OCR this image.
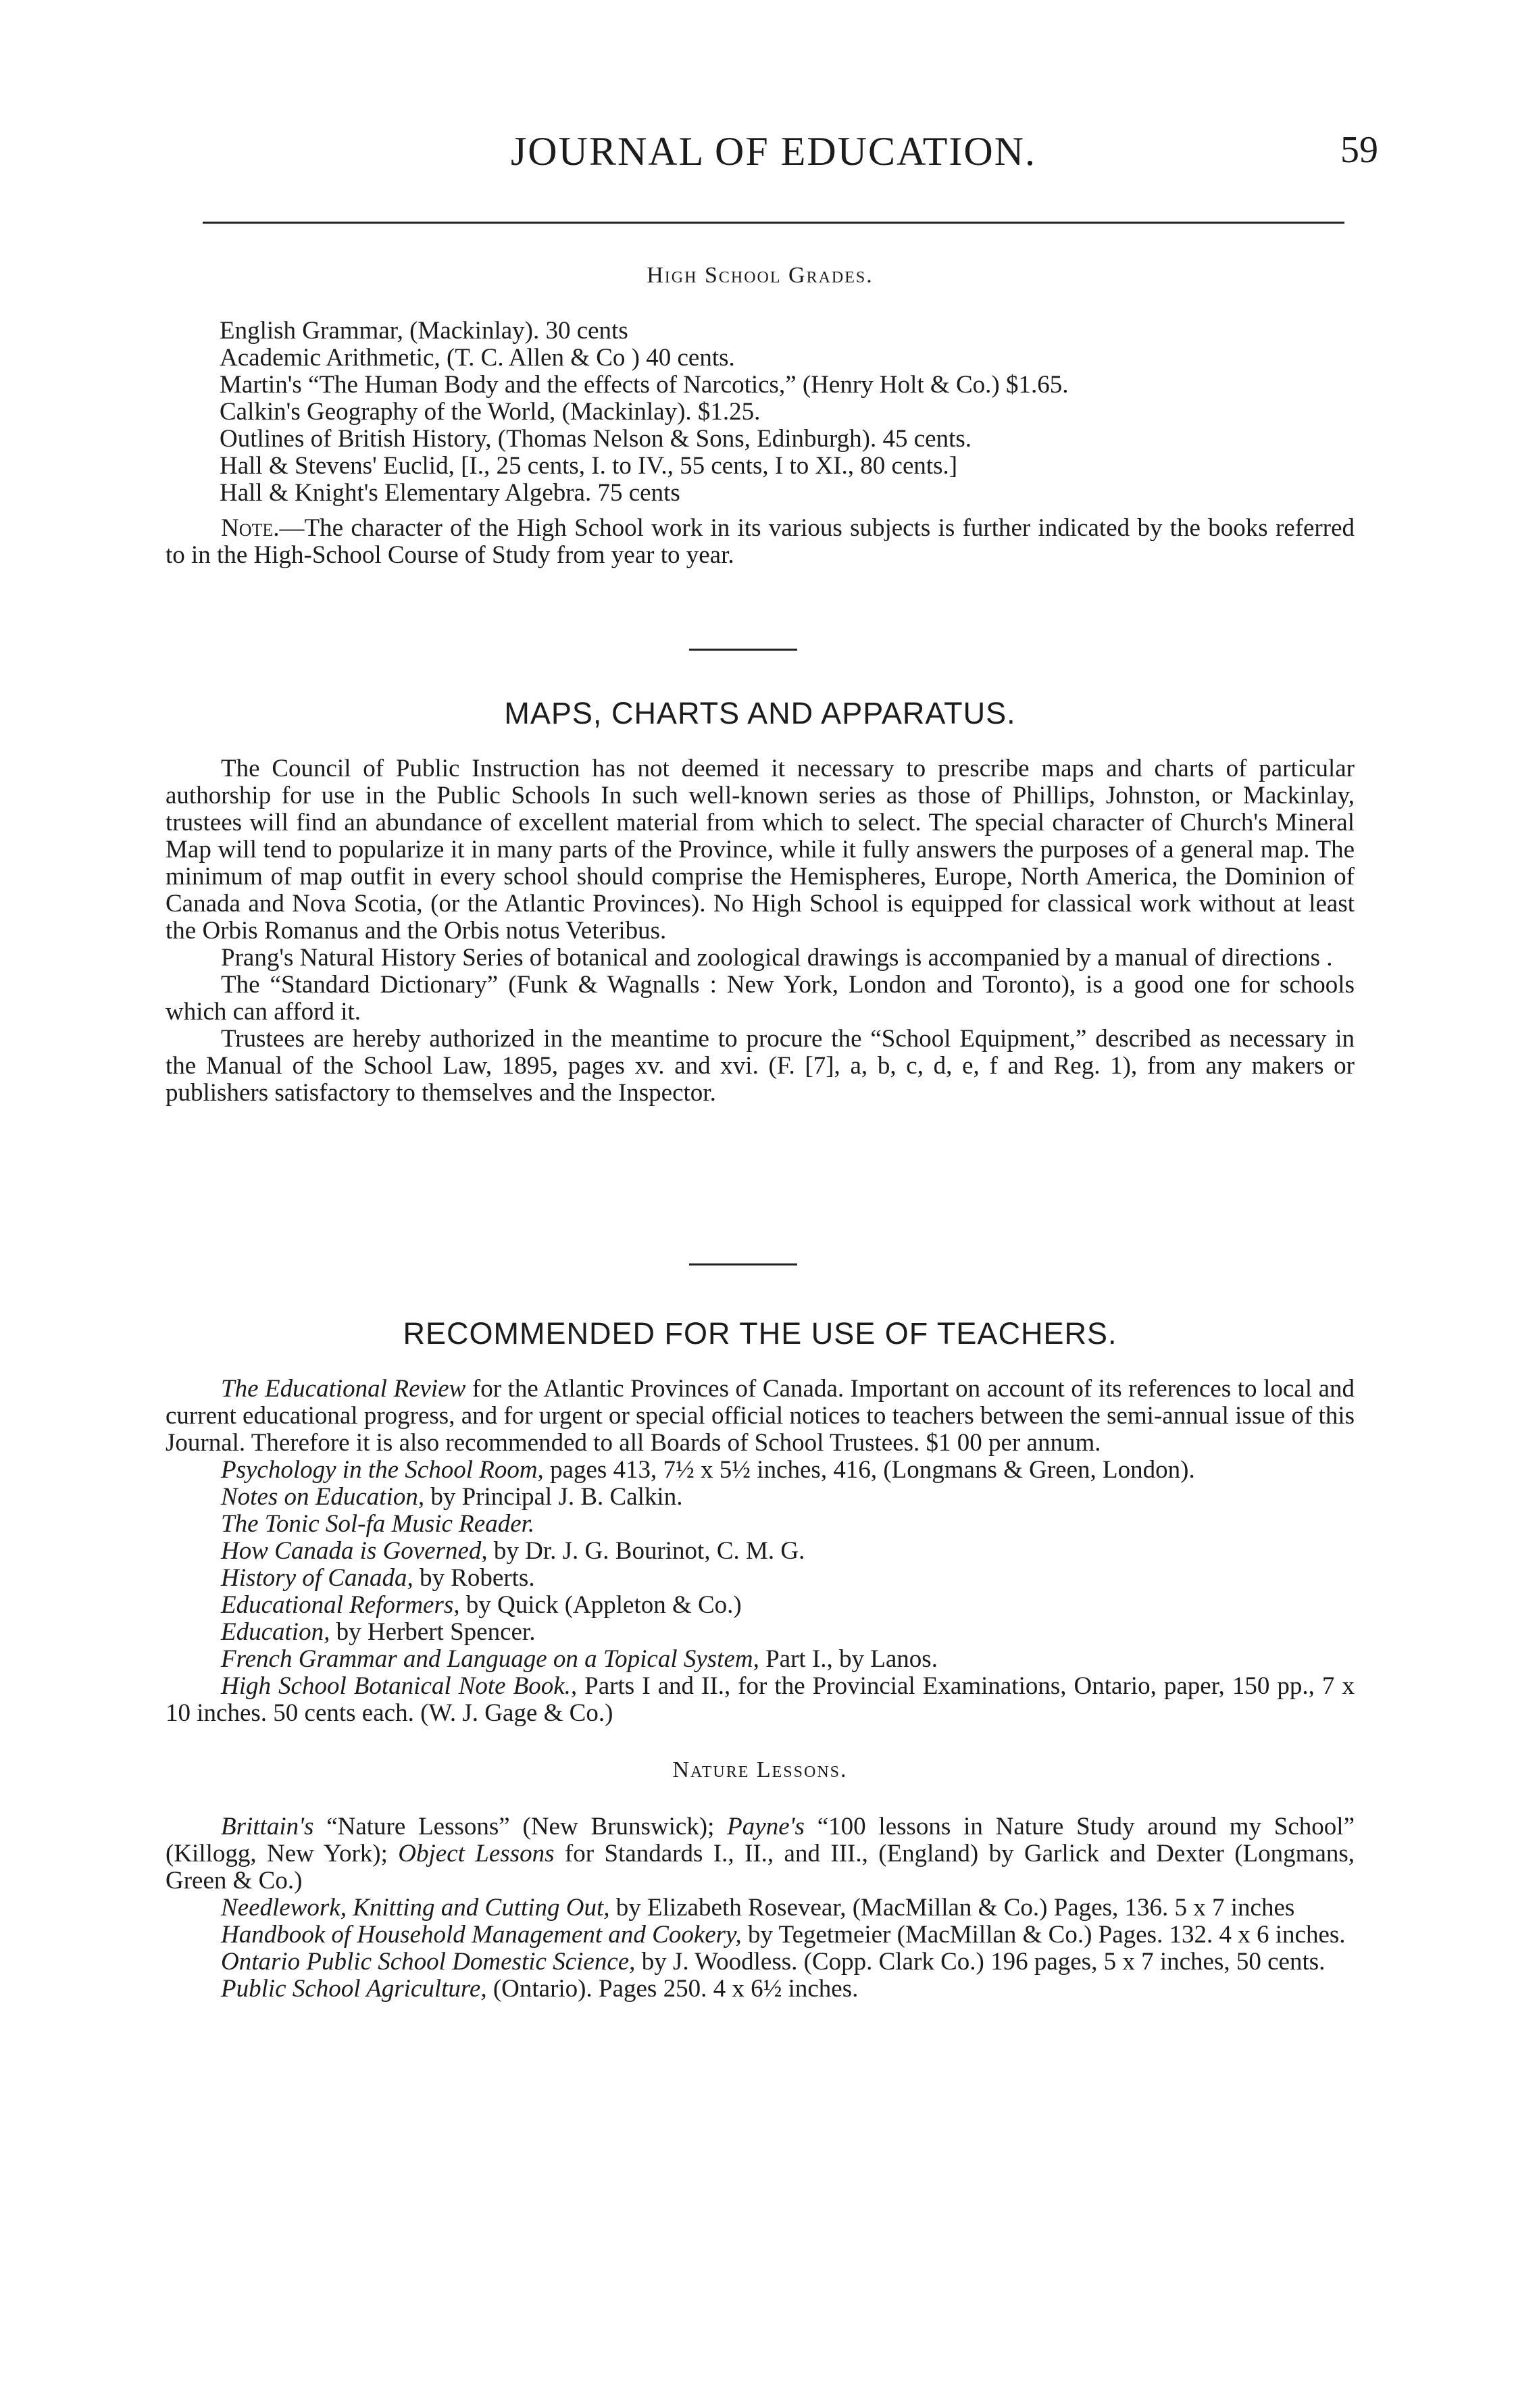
JOURNAL OF EDUCATION.	59

High School Grades.

English Grammar, (Mackinlay). 30 cents
Academic Arithmetic, (T. C. Allen & Co ) 40 cents.
Martin's “The Human Body and the effects of Narcotics,” (Henry Holt & Co.) $1.65.
Calkin's Geography of the World, (Mackinlay). $1.25.
Outlines of British History, (Thomas Nelson & Sons, Edinburgh). 45 cents.
Hall & Stevens' Euclid, [I., 25 cents, I. to IV., 55 cents, I to XI., 80 cents.]
Hall & Knight's Elementary Algebra. 75 cents

Note.—The character of the High School work in its various subjects is further indicated by the books referred to in the High-School Course of Study from year to year.

MAPS, CHARTS AND APPARATUS.

The Council of Public Instruction has not deemed it necessary to prescribe maps and charts of particular authorship for use in the Public Schools In such well-known series as those of Phillips, Johnston, or Mackinlay, trustees will find an abundance of excellent material from which to select. The special character of Church's Mineral Map will tend to popularize it in many parts of the Province, while it fully answers the purposes of a general map. The minimum of map outfit in every school should comprise the Hemispheres, Europe, North America, the Dominion of Canada and Nova Scotia, (or the Atlantic Provinces). No High School is equipped for classical work without at least the Orbis Romanus and the Orbis notus Veteribus.

Prang's Natural History Series of botanical and zoological drawings is accompanied by a manual of directions .

The “Standard Dictionary” (Funk & Wagnalls : New York, London and Toronto), is a good one for schools which can afford it.

Trustees are hereby authorized in the meantime to procure the “School Equipment,” described as necessary in the Manual of the School Law, 1895, pages xv. and xvi. (F. [7], a, b, c, d, e, f and Reg. 1), from any makers or publishers satisfactory to themselves and the Inspector.

RECOMMENDED FOR THE USE OF TEACHERS.

The Educational Review for the Atlantic Provinces of Canada. Important on account of its references to local and current educational progress, and for urgent or special official notices to teachers between the semi-annual issue of this Journal. Therefore it is also recommended to all Boards of School Trustees. $1 00 per annum.

Psychology in the School Room, pages 413, 7½ x 5½ inches, 416, (Longmans & Green, London).

Notes on Education, by Principal J. B. Calkin.
The Tonic Sol-fa Music Reader.
How Canada is Governed, by Dr. J. G. Bourinot, C. M. G.
History of Canada, by Roberts.
Educational Reformers, by Quick (Appleton & Co.)
Education, by Herbert Spencer.
French Grammar and Language on a Topical System, Part I., by Lanos.

High School Botanical Note Book., Parts I and II., for the Provincial Examinations, Ontario, paper, 150 pp., 7 x 10 inches. 50 cents each. (W. J. Gage & Co.)

Nature Lessons.

Brittain's “Nature Lessons” (New Brunswick); Payne's “100 lessons in Nature Study around my School” (Killogg, New York); Object Lessons for Standards I., II., and III., (England) by Garlick and Dexter (Longmans, Green & Co.)

Needlework, Knitting and Cutting Out, by Elizabeth Rosevear, (MacMillan & Co.) Pages, 136. 5 x 7 inches

Handbook of Household Management and Cookery, by Tegetmeier (MacMillan & Co.) Pages. 132. 4 x 6 inches.

Ontario Public School Domestic Science, by J. Woodless. (Copp. Clark Co.) 196 pages, 5 x 7 inches, 50 cents.

Public School Agriculture, (Ontario). Pages 250. 4 x 6½ inches.
